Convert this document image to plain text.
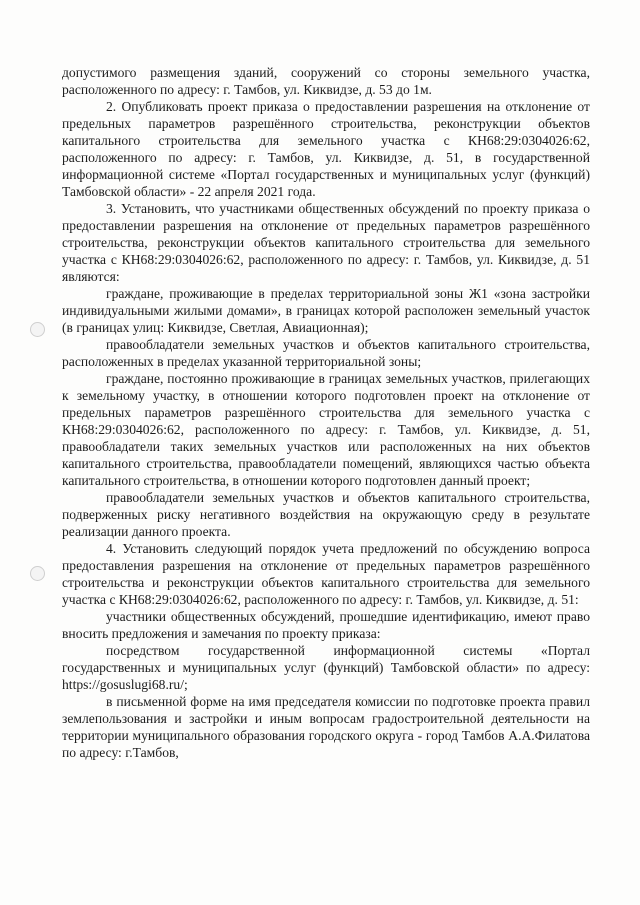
допустимого размещения зданий, сооружений со стороны земельного участка, расположенного по адресу: г. Тамбов, ул. Киквидзе, д. 53 до 1м.

2. Опубликовать проект приказа о предоставлении разрешения на отклонение от предельных параметров разрешённого строительства, реконструкции объектов капитального строительства для земельного участка с КН68:29:0304026:62, расположенного по адресу: г. Тамбов, ул. Киквидзе, д. 51, в государственной информационной системе «Портал государственных и муниципальных услуг (функций) Тамбовской области» - 22 апреля 2021 года.

3. Установить, что участниками общественных обсуждений по проекту приказа о предоставлении разрешения на отклонение от предельных параметров разрешённого строительства, реконструкции объектов капитального строительства для земельного участка с КН68:29:0304026:62, расположенного по адресу: г. Тамбов, ул. Киквидзе, д. 51 являются:

граждане, проживающие в пределах территориальной зоны Ж1 «зона застройки индивидуальными жилыми домами», в границах которой расположен земельный участок (в границах улиц: Киквидзе, Светлая, Авиационная);

правообладатели земельных участков и объектов капитального строительства, расположенных в пределах указанной территориальной зоны;

граждане, постоянно проживающие в границах земельных участков, прилегающих к земельному участку, в отношении которого подготовлен проект на отклонение от предельных параметров разрешённого строительства для земельного участка с КН68:29:0304026:62, расположенного по адресу: г. Тамбов, ул. Киквидзе, д. 51, правообладатели таких земельных участков или расположенных на них объектов капитального строительства, правообладатели помещений, являющихся частью объекта капитального строительства, в отношении которого подготовлен данный проект;

правообладатели земельных участков и объектов капитального строительства, подверженных риску негативного воздействия на окружающую среду в результате реализации данного проекта.

4. Установить следующий порядок учета предложений по обсуждению вопроса предоставления разрешения на отклонение от предельных параметров разрешённого строительства и реконструкции объектов капитального строительства для земельного участка с КН68:29:0304026:62, расположенного по адресу: г. Тамбов, ул. Киквидзе, д. 51:

участники общественных обсуждений, прошедшие идентификацию, имеют право вносить предложения и замечания по проекту приказа:

посредством государственной информационной системы «Портал государственных и муниципальных услуг (функций) Тамбовской области» по адресу: https://gosuslugi68.ru/;

в письменной форме на имя председателя комиссии по подготовке проекта правил землепользования и застройки и иным вопросам градостроительной деятельности на территории муниципального образования городского округа - город Тамбов А.А.Филатова по адресу: г.Тамбов,
